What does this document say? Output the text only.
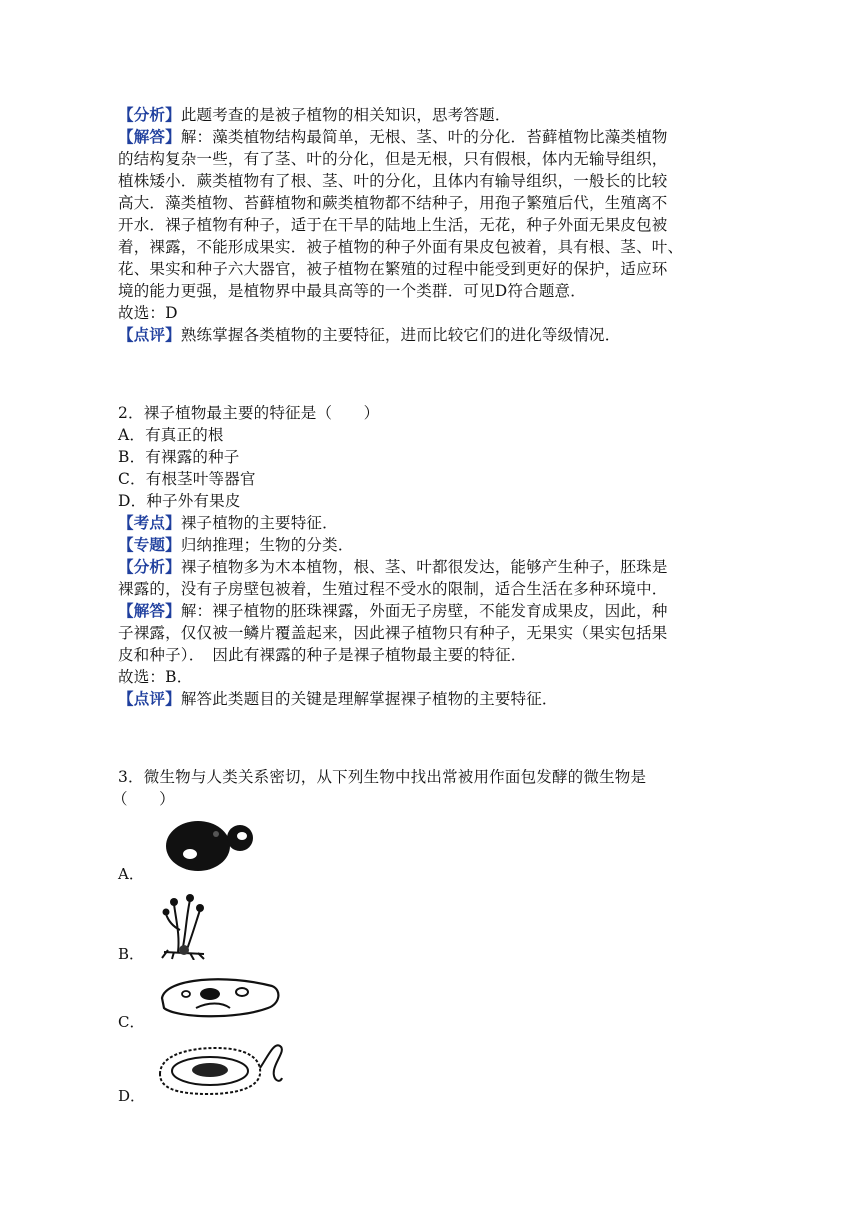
【分析】此题考查的是被子植物的相关知识，思考答题．

【解答】解：藻类植物结构最简单，无根、茎、叶的分化．苔藓植物比藻类植物

的结构复杂一些，有了茎、叶的分化，但是无根，只有假根，体内无输导组织，

植株矮小．蕨类植物有了根、茎、叶的分化，且体内有输导组织，一般长的比较

高大．藻类植物、苔藓植物和蕨类植物都不结种子，用孢子繁殖后代，生殖离不

开水．裸子植物有种子，适于在干旱的陆地上生活，无花，种子外面无果皮包被

着，裸露，不能形成果实．被子植物的种子外面有果皮包被着，具有根、茎、叶、

花、果实和种子六大器官，被子植物在繁殖的过程中能受到更好的保护，适应环

境的能力更强，是植物界中最具高等的一个类群．可见D符合题意．

故选：D

【点评】熟练掌握各类植物的主要特征，进而比较它们的进化等级情况．

2．裸子植物最主要的特征是（　　）

A．有真正的根

B．有裸露的种子

C．有根茎叶等器官

D．种子外有果皮

【考点】裸子植物的主要特征．

【专题】归纳推理；生物的分类．

【分析】裸子植物多为木本植物，根、茎、叶都很发达，能够产生种子，胚珠是

裸露的，没有子房壁包被着，生殖过程不受水的限制，适合生活在多种环境中．

【解答】解：裸子植物的胚珠裸露，外面无子房壁，不能发育成果皮，因此，种

子裸露，仅仅被一鳞片覆盖起来，因此裸子植物只有种子，无果实（果实包括果

皮和种子）．　因此有裸露的种子是裸子植物最主要的特征．

故选：B．

【点评】解答此类题目的关键是理解掌握裸子植物的主要特征．

3．微生物与人类关系密切，从下列生物中找出常被用作面包发酵的微生物是

（　　）

A．
B．
C．
D．
